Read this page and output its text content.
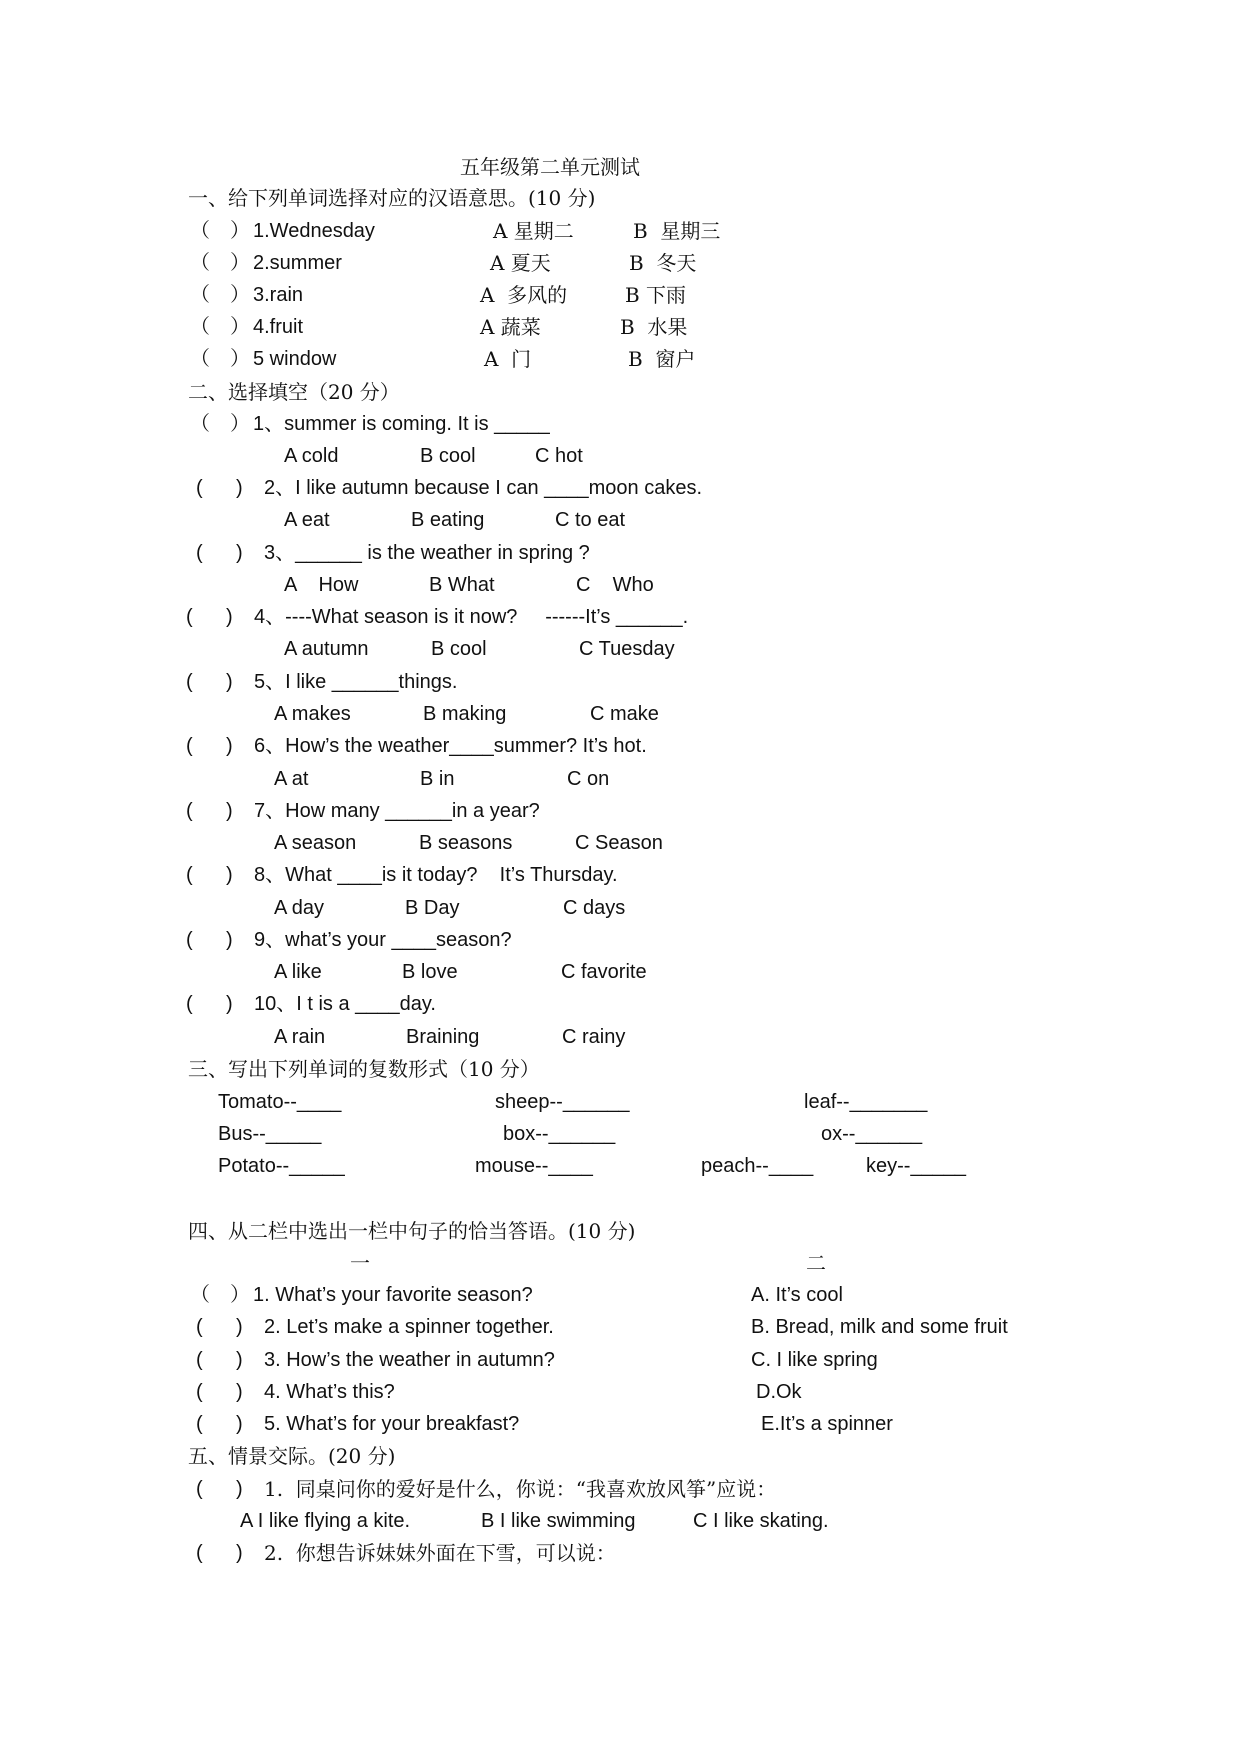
五年级第二单元测试
一、给下列单词选择对应的汉语意思。(10 分)
（　） 1.Wednesday	A 星期二	B  星期三
（　） 2.summer	A 夏天	B  冬天
（　） 3.rain	A  多风的	B 下雨
（　） 4.fruit	A 蔬菜	B  水果
（　） 5 window	A  门	B  窗户
二、选择填空（20 分）
（　） 1、summer is coming. It is _____
A cold	B cool	C hot
(      ) 2、I like autumn because I can ____moon cakes.
A eat	B eating	C to eat
(      ) 3、______ is the weather in spring ?
A    How	B What	C    Who
(      ) 4、----What season is it now?     ------It’s ______.
A autumn	B cool	C Tuesday
(      ) 5、I like ______things.
A makes	B making	C make
(      ) 6、How’s the weather____summer? It’s hot.
A at	B in	C on
(      ) 7、How many ______in a year?
A season	B seasons	C Season
(      ) 8、What ____is it today?    It’s Thursday.
A day	B Day	C days
(      ) 9、what’s your ____season?
A like	B love	C favorite
(      ) 10、I t is a ____day.
A rain	Braining	C rainy
三、写出下列单词的复数形式（10 分）
Tomato--____	sheep--______	leaf--_______
Bus--_____	box--______	ox--______
Potato--_____	mouse--____	peach--____	key--_____
四、从二栏中选出一栏中句子的恰当答语。(10 分)
一	二
（　） 1. What’s your favorite season?	A. It’s cool
(      ) 2. Let’s make a spinner together.	B. Bread, milk and some fruit
(      ) 3. How’s the weather in autumn?	C. I like spring
(      ) 4. What’s this?	D.Ok
(      ) 5. What’s for your breakfast?	E.It’s a spinner
五、情景交际。(20 分)
(      ) 1.  同桌问你的爱好是什么，你说：“我喜欢放风筝”应说：
A I like flying a kite.	B I like swimming	C I like skating.
(      ) 2.  你想告诉妹妹外面在下雪，可以说：
